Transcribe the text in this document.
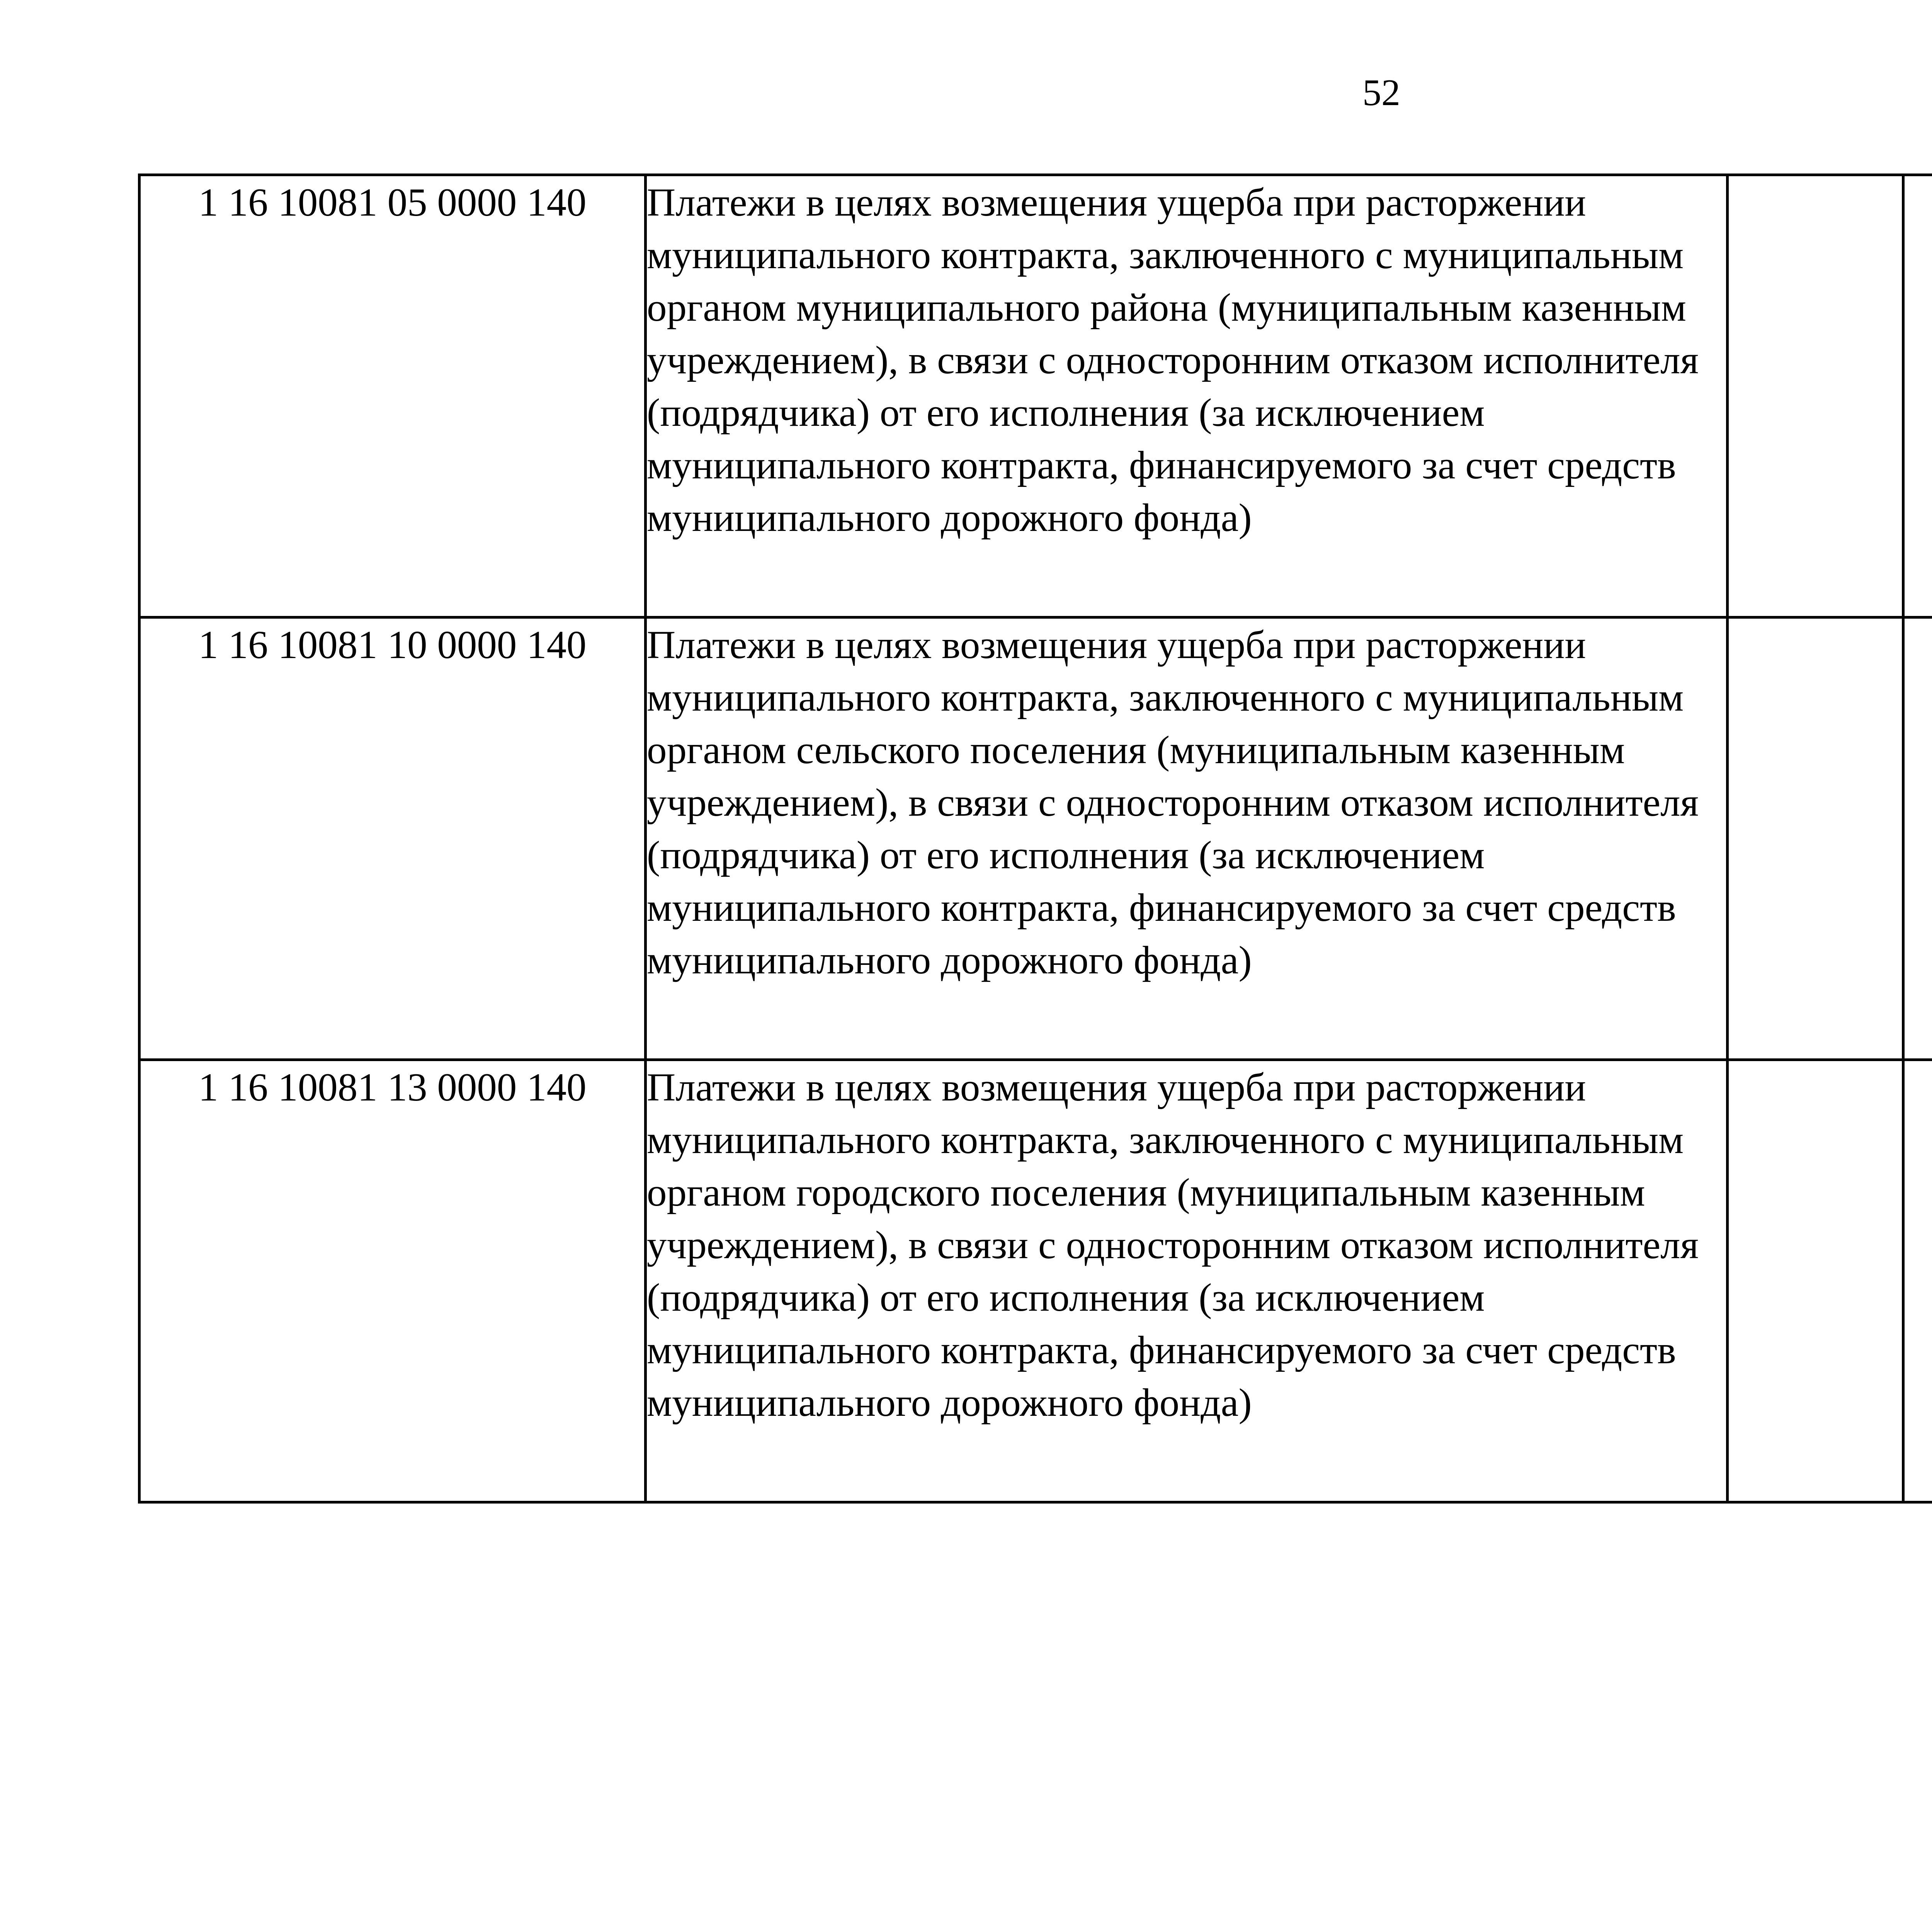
52
1 16 10081 05 0000 140	Платежи в целях возмещения ущерба при расторжении муниципального контракта, заключенного с муниципальным органом муниципального района (муниципальным казенным учреждением), в связи с односторонним отказом исполнителя (подрядчика) от его исполнения (за исключением муниципального контракта, финансируемого за счет средств муниципального дорожного фонда)					
1 16 10081 10 0000 140	Платежи в целях возмещения ущерба при расторжении муниципального контракта, заключенного с муниципальным органом сельского поселения (муниципальным казенным учреждением), в связи с односторонним отказом исполнителя (подрядчика) от его исполнения (за исключением муниципального контракта, финансируемого за счет средств муниципального дорожного фонда)					
1 16 10081 13 0000 140	Платежи в целях возмещения ущерба при расторжении муниципального контракта, заключенного с муниципальным органом городского поселения (муниципальным казенным учреждением), в связи с односторонним отказом исполнителя (подрядчика) от его исполнения (за исключением муниципального контракта, финансируемого за счет средств муниципального дорожного фонда)					
